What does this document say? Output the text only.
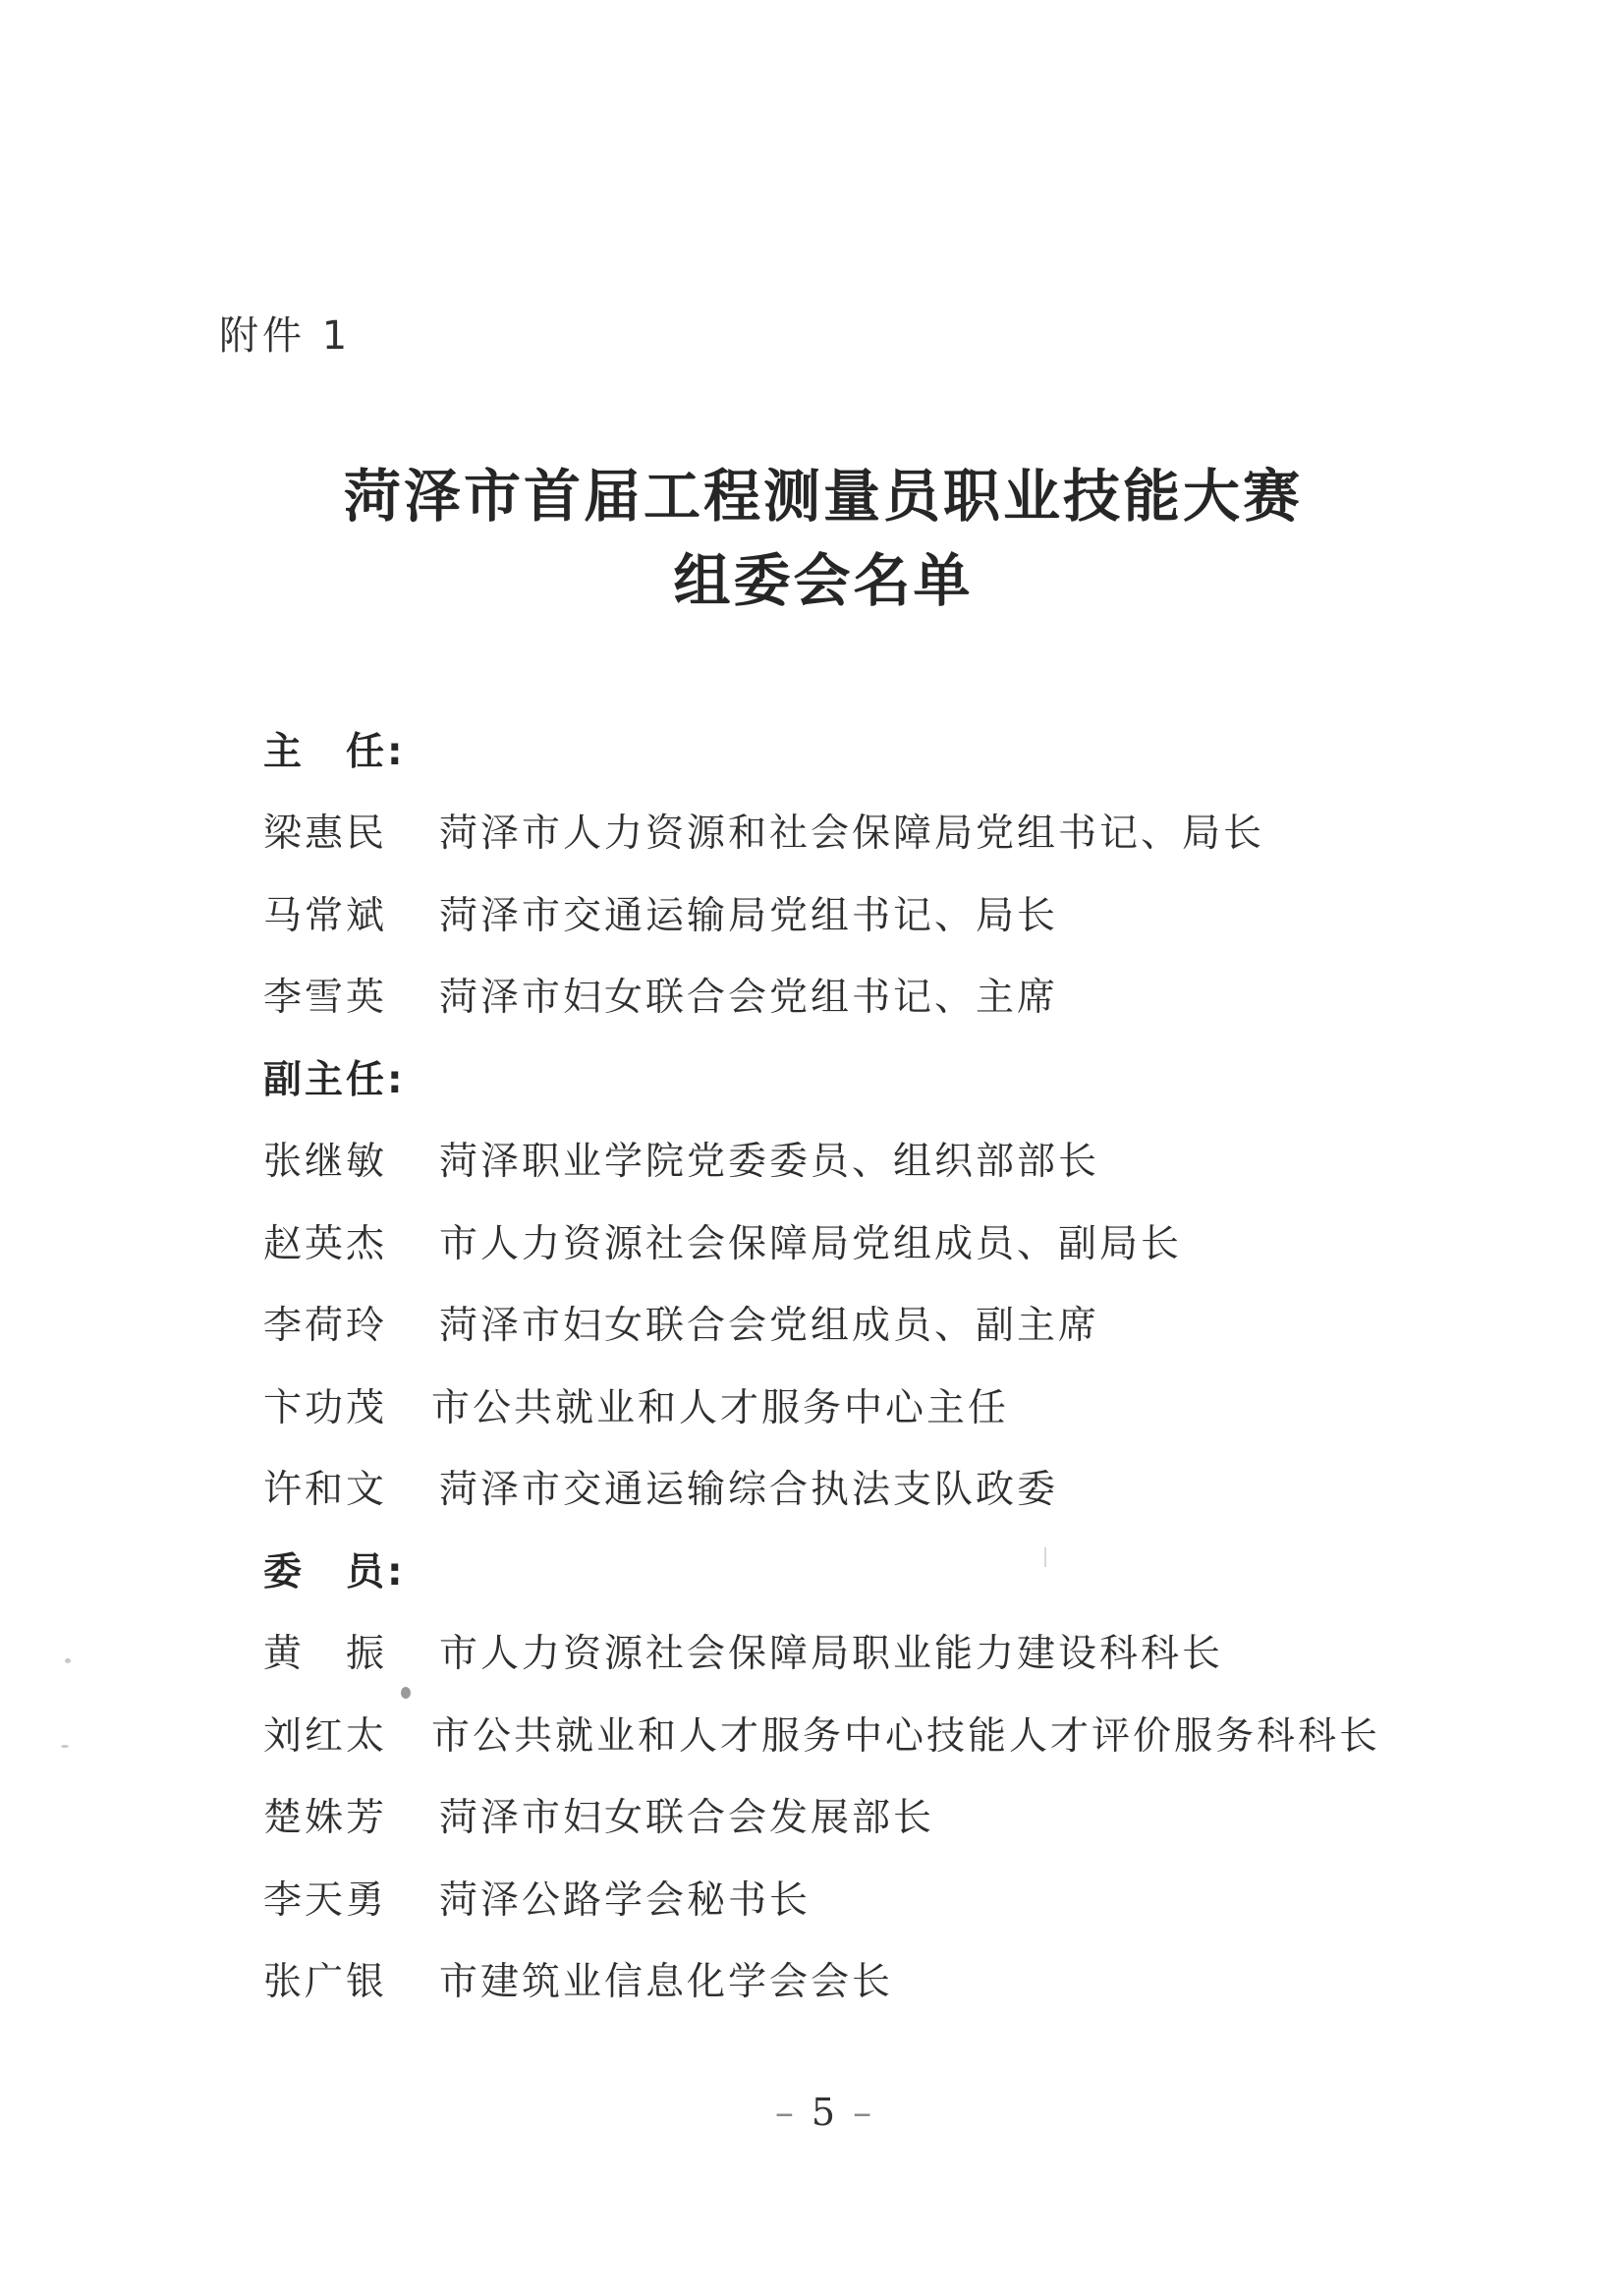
附件 1
菏泽市首届工程测量员职业技能大赛
组委会名单
主　任:
梁惠民 菏泽市人力资源和社会保障局党组书记、局长
马常斌 菏泽市交通运输局党组书记、局长
李雪英 菏泽市妇女联合会党组书记、主席
副主任:
张继敏 菏泽职业学院党委委员、组织部部长
赵英杰 市人力资源社会保障局党组成员、副局长
李荷玲 菏泽市妇女联合会党组成员、副主席
卞功茂 市公共就业和人才服务中心主任
许和文 菏泽市交通运输综合执法支队政委
委　员:
黄　振 市人力资源社会保障局职业能力建设科科长
刘红太 市公共就业和人才服务中心技能人才评价服务科科长
楚姝芳 菏泽市妇女联合会发展部长
李天勇 菏泽公路学会秘书长
张广银 市建筑业信息化学会会长
– 5 –
